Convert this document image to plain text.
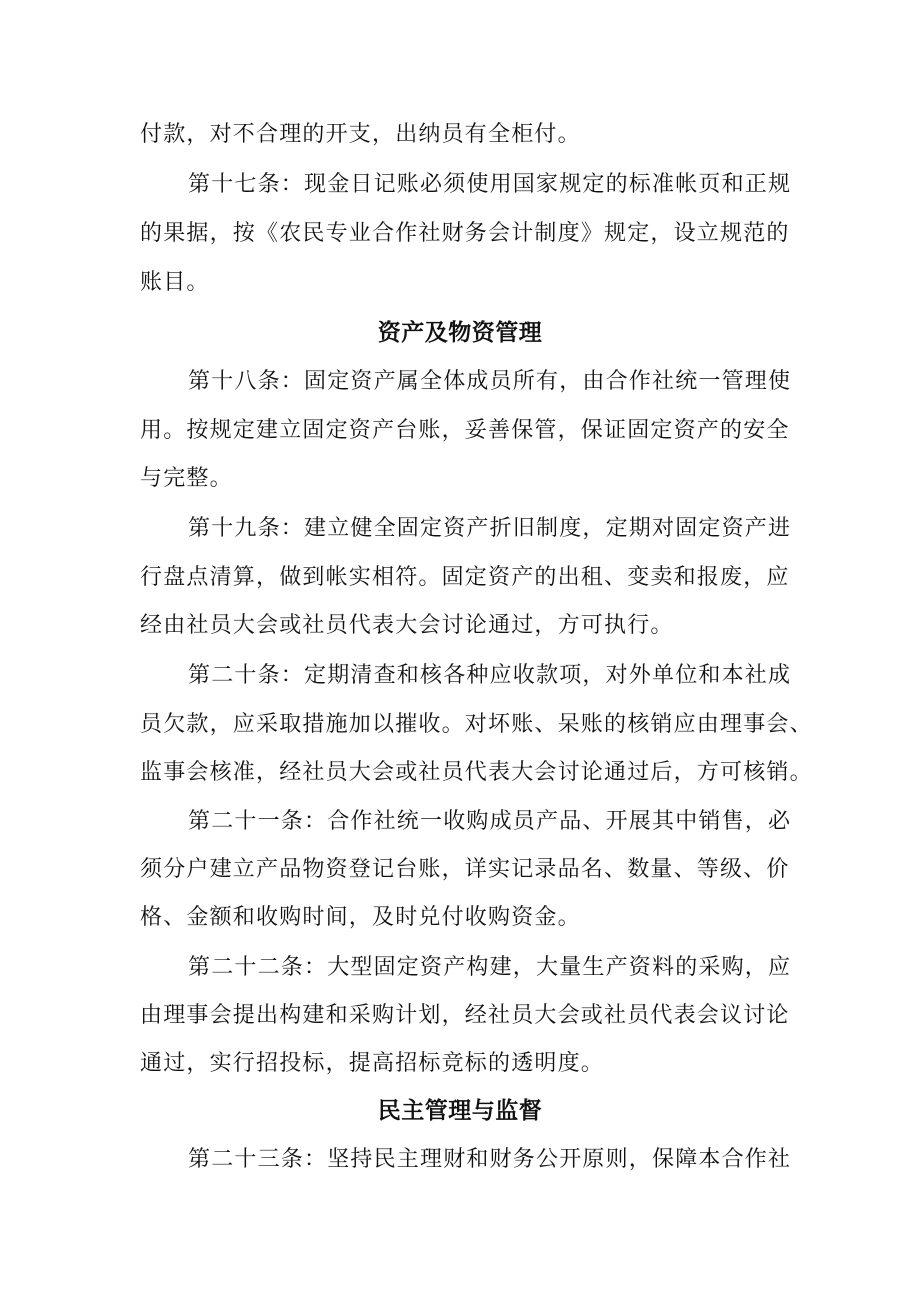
付款，对不合理的开支，出纳员有全柜付。
第十七条：现金日记账必须使用国家规定的标准帐页和正规
的果据，按《农民专业合作社财务会计制度》规定，设立规范的
账目。
资产及物资管理
第十八条：固定资产属全体成员所有，由合作社统一管理使
用。按规定建立固定资产台账，妥善保管，保证固定资产的安全
与完整。
第十九条：建立健全固定资产折旧制度，定期对固定资产进
行盘点清算，做到帐实相符。固定资产的出租、变卖和报废，应
经由社员大会或社员代表大会讨论通过，方可执行。
第二十条：定期清查和核各种应收款项，对外单位和本社成
员欠款，应采取措施加以摧收。对坏账、呆账的核销应由理事会、
监事会核准，经社员大会或社员代表大会讨论通过后，方可核销。
第二十一条：合作社统一收购成员产品、开展其中销售，必
须分户建立产品物资登记台账，详实记录品名、数量、等级、价
格、金额和收购时间，及时兑付收购资金。
第二十二条：大型固定资产构建，大量生产资料的采购，应
由理事会提出构建和采购计划，经社员大会或社员代表会议讨论
通过，实行招投标，提高招标竞标的透明度。
民主管理与监督
第二十三条：坚持民主理财和财务公开原则，保障本合作社
